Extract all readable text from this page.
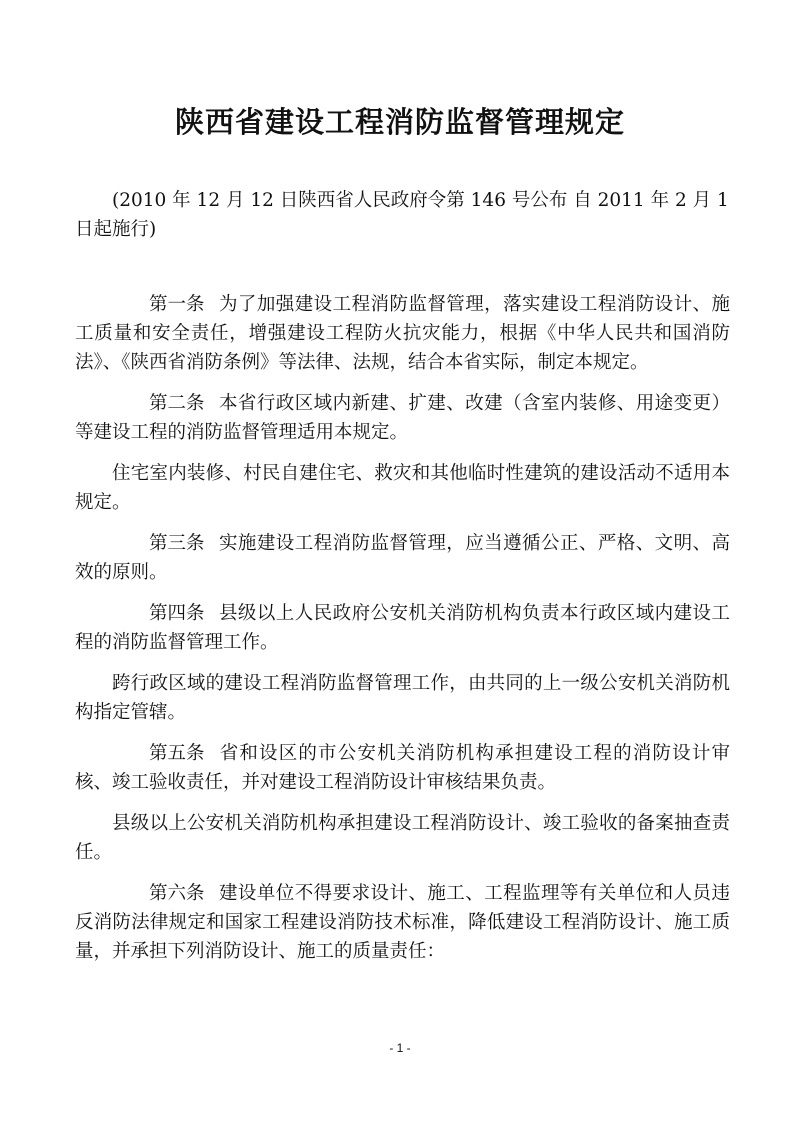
陕西省建设工程消防监督管理规定
(2010 年 12 月 12 日陕西省人民政府令第 146 号公布 自 2011 年 2 月 1 日起施行)

第一条 为了加强建设工程消防监督管理，落实建设工程消防设计、施工质量和安全责任，增强建设工程防火抗灾能力，根据《中华人民共和国消防法》、《陕西省消防条例》等法律、法规，结合本省实际，制定本规定。

第二条 本省行政区域内新建、扩建、改建（含室内装修、用途变更）等建设工程的消防监督管理适用本规定。

住宅室内装修、村民自建住宅、救灾和其他临时性建筑的建设活动不适用本规定。

第三条 实施建设工程消防监督管理，应当遵循公正、严格、文明、高效的原则。

第四条 县级以上人民政府公安机关消防机构负责本行政区域内建设工程的消防监督管理工作。

跨行政区域的建设工程消防监督管理工作，由共同的上一级公安机关消防机构指定管辖。

第五条 省和设区的市公安机关消防机构承担建设工程的消防设计审核、竣工验收责任，并对建设工程消防设计审核结果负责。

县级以上公安机关消防机构承担建设工程消防设计、竣工验收的备案抽查责任。

第六条 建设单位不得要求设计、施工、工程监理等有关单位和人员违反消防法律规定和国家工程建设消防技术标准，降低建设工程消防设计、施工质量，并承担下列消防设计、施工的质量责任：

- 1 -
